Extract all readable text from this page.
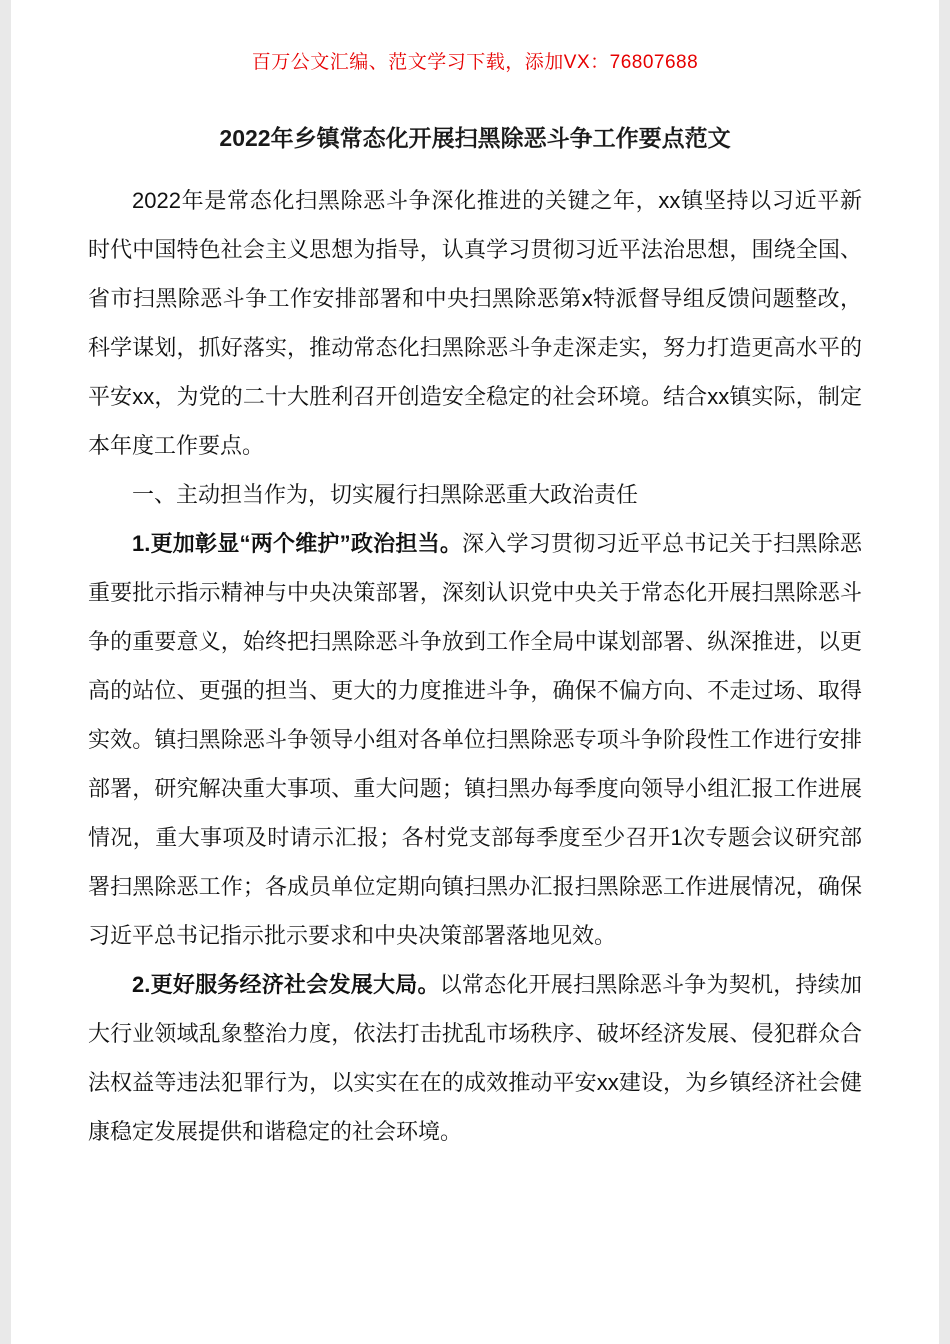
百万公文汇编、范文学习下载，添加VX：76807688
2022年乡镇常态化开展扫黑除恶斗争工作要点范文

2022年是常态化扫黑除恶斗争深化推进的关键之年，xx镇坚持以习近平新时代中国特色社会主义思想为指导，认真学习贯彻习近平法治思想，围绕全国、省市扫黑除恶斗争工作安排部署和中央扫黑除恶第x特派督导组反馈问题整改，科学谋划，抓好落实，推动常态化扫黑除恶斗争走深走实，努力打造更高水平的平安xx，为党的二十大胜利召开创造安全稳定的社会环境。结合xx镇实际，制定本年度工作要点。

一、主动担当作为，切实履行扫黑除恶重大政治责任

1.更加彰显“两个维护”政治担当。深入学习贯彻习近平总书记关于扫黑除恶重要批示指示精神与中央决策部署，深刻认识党中央关于常态化开展扫黑除恶斗争的重要意义，始终把扫黑除恶斗争放到工作全局中谋划部署、纵深推进，以更高的站位、更强的担当、更大的力度推进斗争，确保不偏方向、不走过场、取得实效。镇扫黑除恶斗争领导小组对各单位扫黑除恶专项斗争阶段性工作进行安排部署，研究解决重大事项、重大问题；镇扫黑办每季度向领导小组汇报工作进展情况，重大事项及时请示汇报；各村党支部每季度至少召开1次专题会议研究部署扫黑除恶工作；各成员单位定期向镇扫黑办汇报扫黑除恶工作进展情况，确保习近平总书记指示批示要求和中央决策部署落地见效。

2.更好服务经济社会发展大局。以常态化开展扫黑除恶斗争为契机，持续加大行业领域乱象整治力度，依法打击扰乱市场秩序、破坏经济发展、侵犯群众合法权益等违法犯罪行为，以实实在在的成效推动平安xx建设，为乡镇经济社会健康稳定发展提供和谐稳定的社会环境。
